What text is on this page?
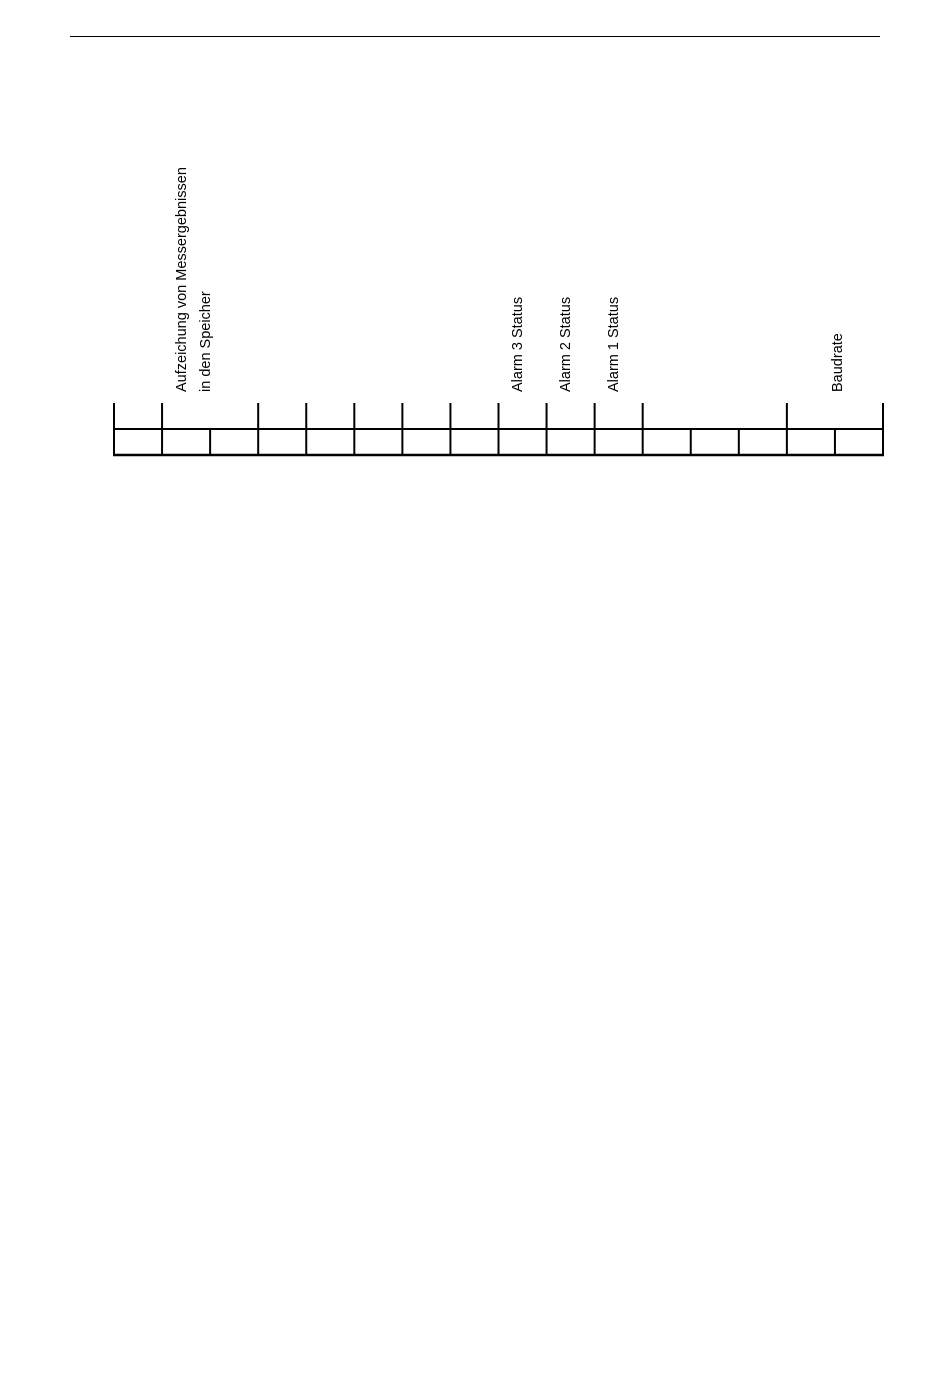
Aufzeichung von Messergebnissen in den Speicher	Alarm 3 Status Alarm 2 Status Alarm 1 Status	Baudrate
